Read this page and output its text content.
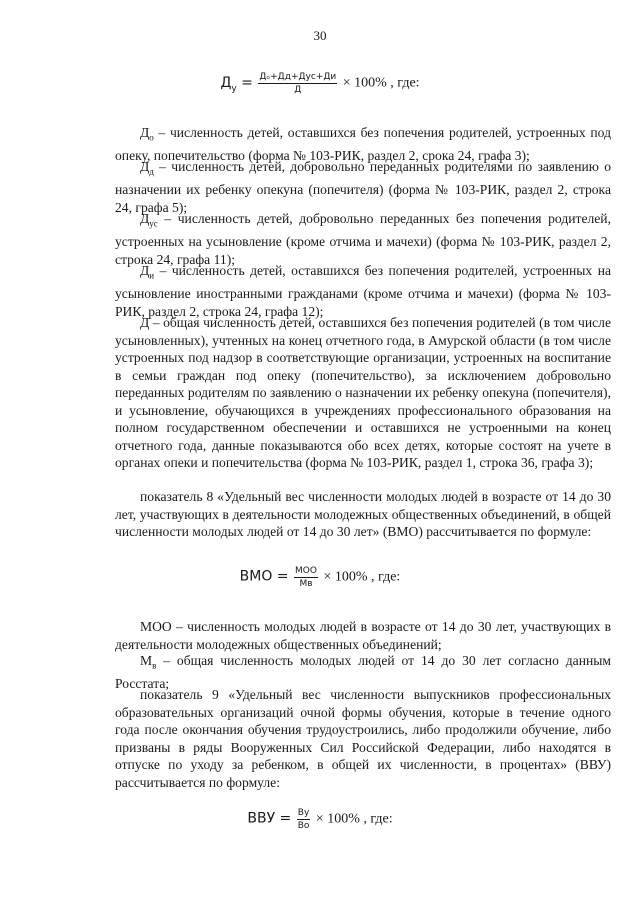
30
$Д_у = \frac{\text{Дₒ+Дд+Дус+Ди}}{Д} \times 100\%$ , где:

$Д_о$ – численность детей, оставшихся без попечения родителей, устроенных под опеку, попечительство (форма № 103-РИК, раздел 2, срока 24, графа 3);

$Д_д$ – численность детей, добровольно переданных родителями по заявлению о назначении их ребенку опекуна (попечителя) (форма № 103-РИК, раздел 2, строка 24, графа 5);

$Д_{ус}$ – численность детей, добровольно переданных без попечения родителей, устроенных на усыновление (кроме отчима и мачехи) (форма № 103-РИК, раздел 2, строка 24, графа 11);

$Д_и$ – численность детей, оставшихся без попечения родителей, устроенных на усыновление иностранными гражданами (кроме отчима и мачехи) (форма № 103-РИК, раздел 2, строка 24, графа 12);

Д – общая численность детей, оставшихся без попечения родителей (в том числе усыновленных), учтенных на конец отчетного года, в Амурской области (в том числе устроенных под надзор в соответствующие организации, устроенных на воспитание в семьи граждан под опеку (попечительство), за исключением добровольно переданных родителям по заявлению о назначении их ребенку опекуна (попечителя), и усыновление, обучающихся в учреждениях профессионального образования на полном государственном обеспечении и оставшихся не устроенными на конец отчетного года, данные показываются обо всех детях, которые состоят на учете в органах опеки и попечительства (форма № 103-РИК, раздел 1, строка 36, графа 3);

показатель 8 «Удельный вес численности молодых людей в возрасте от 14 до 30 лет, участвующих в деятельности молодежных общественных объединений, в общей численности молодых людей от 14 до 30 лет» (ВМО) рассчитывается по формуле:

ВМО = $\frac{\text{МОО}}{Мв} \times 100\%$ , где:

МОО – численность молодых людей в возрасте от 14 до 30 лет, участвующих в деятельности молодежных общественных объединений;

$М_в$ – общая численность молодых людей от 14 до 30 лет согласно данным Росстата;

показатель 9 «Удельный вес численности выпускников профессиональных образовательных организаций очной формы обучения, которые в течение одного года после окончания обучения трудоустроились, либо продолжили обучение, либо призваны в ряды Вооруженных Сил Российской Федерации, либо находятся в отпуске по уходу за ребенком, в общей их численности, в процентах» (ВВУ) рассчитывается по формуле:

ВВУ = $\frac{Ву}{Во} \times 100\%$ , где:
